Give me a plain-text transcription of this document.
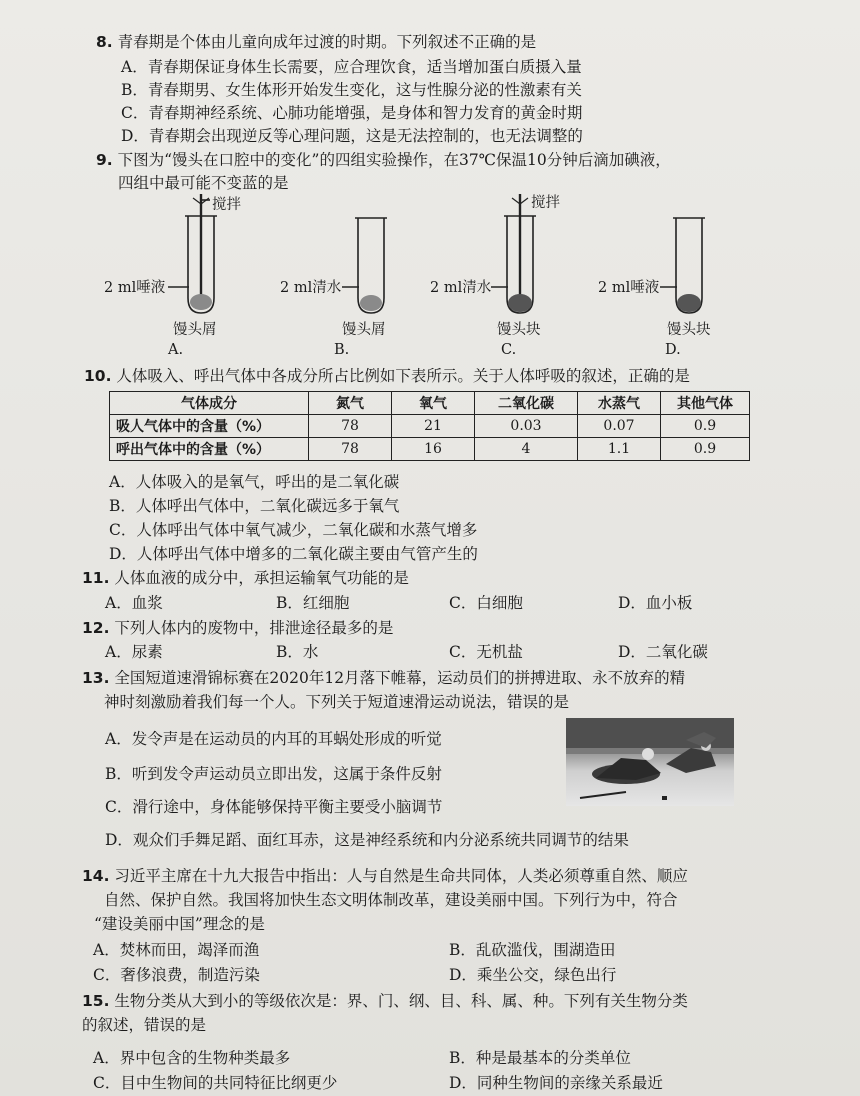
8. 青春期是个体由儿童向成年过渡的时期。下列叙述不正确的是
A．青春期保证身体生长需要，应合理饮食，适当增加蛋白质摄入量
B．青春期男、女生体形开始发生变化，这与性腺分泌的性激素有关
C．青春期神经系统、心肺功能增强，是身体和智力发育的黄金时期
D．青春期会出现逆反等心理问题，这是无法控制的，也无法调整的
9. 下图为“馒头在口腔中的变化”的四组实验操作，在37℃保温10分钟后滴加碘液，
四组中最可能不变蓝的是
搅拌	搅拌
2 ml唾液	2 ml清水	2 ml清水	2 ml唾液
馒头屑	馒头屑	馒头块	馒头块
A.	B.	C.	D.
10. 人体吸入、呼出气体中各成分所占比例如下表所示。关于人体呼吸的叙述，正确的是
气体成分	氮气	氧气	二氧化碳	水蒸气	其他气体
吸人气体中的含量（%）	78	21	0.03	0.07	0.9
呼出气体中的含量（%）	78	16	4	1.1	0.9
A．人体吸入的是氧气，呼出的是二氧化碳
B．人体呼出气体中，二氧化碳远多于氧气
C．人体呼出气体中氧气减少，二氧化碳和水蒸气增多
D．人体呼出气体中增多的二氧化碳主要由气管产生的
11. 人体血液的成分中，承担运输氧气功能的是
A．血浆	B．红细胞	C．白细胞	D．血小板
12. 下列人体内的废物中，排泄途径最多的是
A．尿素	B．水	C．无机盐	D．二氧化碳
13. 全国短道速滑锦标赛在2020年12月落下帷幕，运动员们的拼搏进取、永不放弃的精
神时刻激励着我们每一个人。下列关于短道速滑运动说法，错误的是
A．发令声是在运动员的内耳的耳蜗处形成的听觉
B．听到发令声运动员立即出发，这属于条件反射
C．滑行途中，身体能够保持平衡主要受小脑调节
D．观众们手舞足蹈、面红耳赤，这是神经系统和内分泌系统共同调节的结果
14. 习近平主席在十九大报告中指出：人与自然是生命共同体，人类必须尊重自然、顺应
自然、保护自然。我国将加快生态文明体制改革，建设美丽中国。下列行为中，符合
“建设美丽中国”理念的是
A．焚林而田，竭泽而渔	B．乱砍滥伐，围湖造田
C．奢侈浪费，制造污染	D．乘坐公交，绿色出行
15. 生物分类从大到小的等级依次是：界、门、纲、目、科、属、种。下列有关生物分类
的叙述，错误的是
A．界中包含的生物种类最多	B．种是最基本的分类单位
C．目中生物间的共同特征比纲更少	D．同种生物间的亲缘关系最近
